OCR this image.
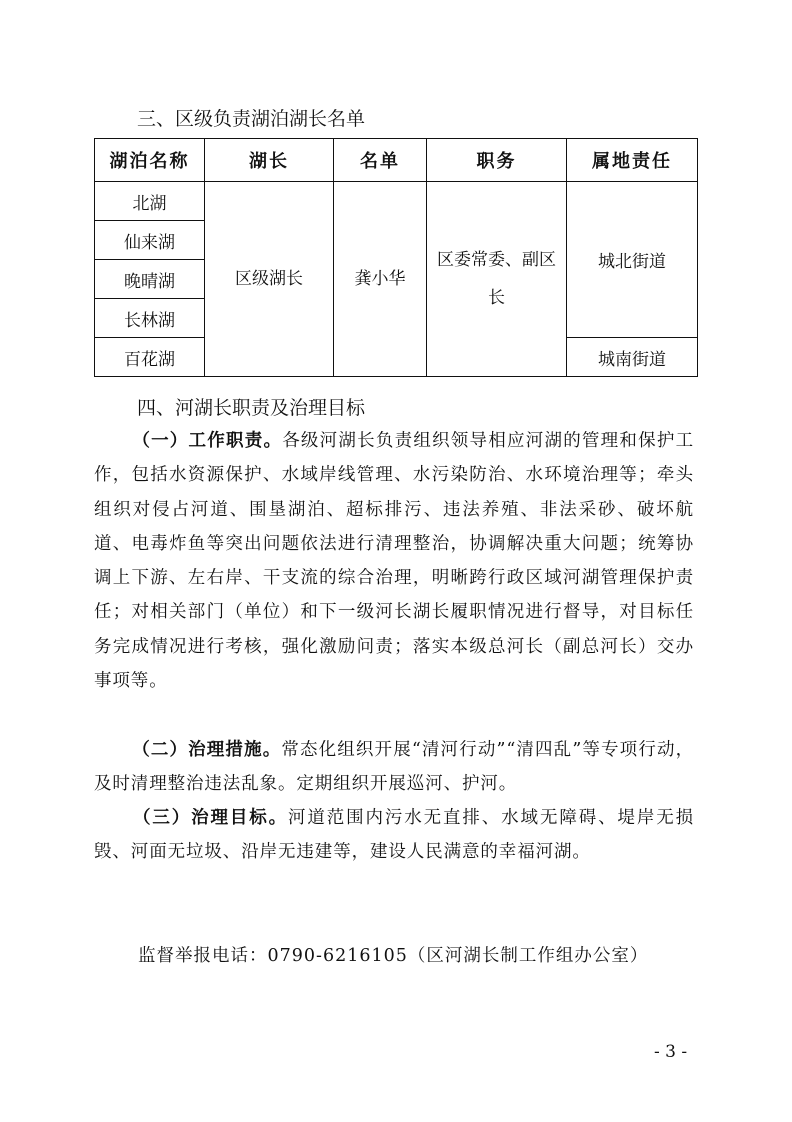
三、区级负责湖泊湖长名单
湖泊名称	湖长	名单	职务	属地责任
北湖	区级湖长	龚小华	区委常委、副区长	城北街道
仙来湖				
晚晴湖				
长林湖				
百花湖				城南街道
四、河湖长职责及治理目标
（一）工作职责。各级河湖长负责组织领导相应河湖的管理和保护工作，包括水资源保护、水域岸线管理、水污染防治、水环境治理等；牵头组织对侵占河道、围垦湖泊、超标排污、违法养殖、非法采砂、破坏航道、电毒炸鱼等突出问题依法进行清理整治，协调解决重大问题；统筹协调上下游、左右岸、干支流的综合治理，明晰跨行政区域河湖管理保护责任；对相关部门（单位）和下一级河长湖长履职情况进行督导，对目标任务完成情况进行考核，强化激励问责；落实本级总河长（副总河长）交办事项等。
（二）治理措施。常态化组织开展“清河行动”“清四乱”等专项行动，及时清理整治违法乱象。定期组织开展巡河、护河。
（三）治理目标。河道范围内污水无直排、水域无障碍、堤岸无损毁、河面无垃圾、沿岸无违建等，建设人民满意的幸福河湖。
监督举报电话：0790-6216105（区河湖长制工作组办公室）
- 3 -
